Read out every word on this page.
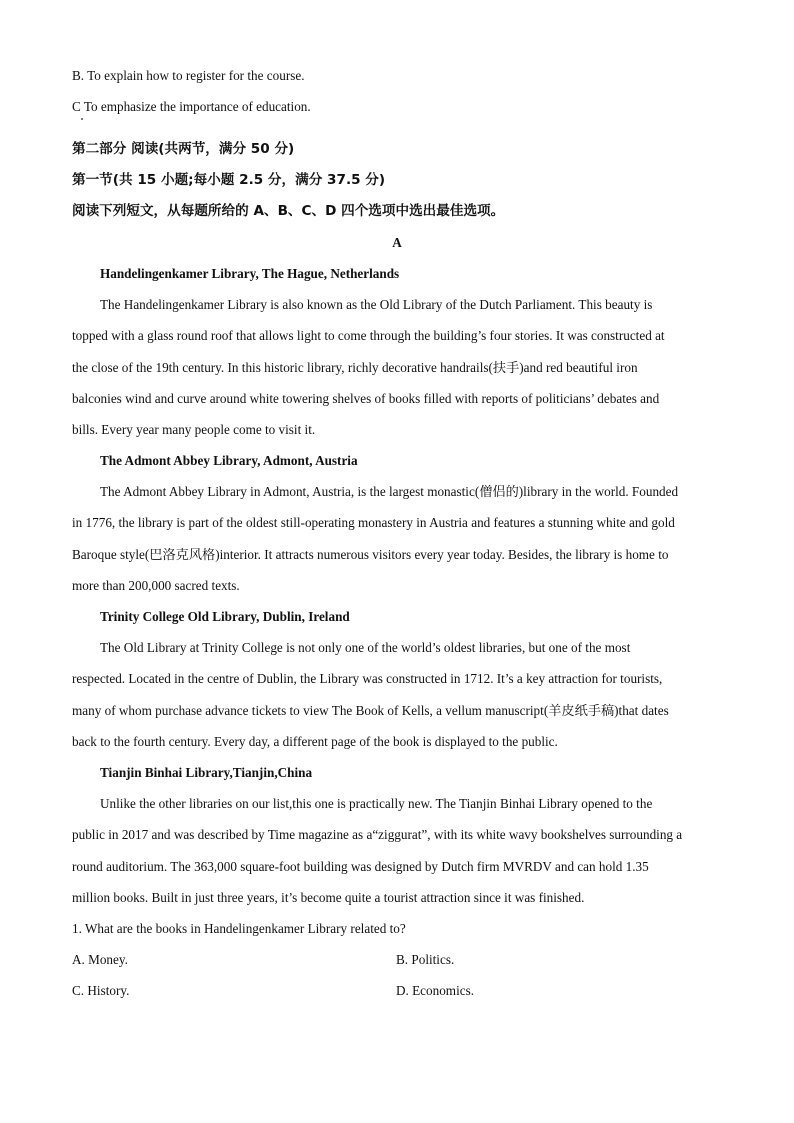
B. To explain how to register for the course.
C To emphasize the importance of education.
第二部分 阅读(共两节，满分 50 分)
第一节(共 15 小题;每小题 2.5 分，满分 37.5 分)
阅读下列短文，从每题所给的 A、B、C、D 四个选项中选出最佳选项。
A
Handelingenkamer Library, The Hague, Netherlands
The Handelingenkamer Library is also known as the Old Library of the Dutch Parliament. This beauty is
topped with a glass round roof that allows light to come through the building’s four stories. It was constructed at
the close of the 19th century. In this historic library, richly decorative handrails(扶手)and red beautiful iron
balconies wind and curve around white towering shelves of books filled with reports of politicians’ debates and
bills. Every year many people come to visit it.
The Admont Abbey Library, Admont, Austria
The Admont Abbey Library in Admont, Austria, is the largest monastic(僧侣的)library in the world. Founded
in 1776, the library is part of the oldest still-operating monastery in Austria and features a stunning white and gold
Baroque style(巴洛克风格)interior. It attracts numerous visitors every year today. Besides, the library is home to
more than 200,000 sacred texts.
Trinity College Old Library, Dublin, Ireland
The Old Library at Trinity College is not only one of the world’s oldest libraries, but one of the most
respected. Located in the centre of Dublin, the Library was constructed in 1712. It’s a key attraction for tourists,
many of whom purchase advance tickets to view The Book of Kells, a vellum manuscript(羊皮纸手稿)that dates
back to the fourth century. Every day, a different page of the book is displayed to the public.
Tianjin Binhai Library,Tianjin,China
Unlike the other libraries on our list,this one is practically new. The Tianjin Binhai Library opened to the
public in 2017 and was described by Time magazine as a“ziggurat”, with its white wavy bookshelves surrounding a
round auditorium. The 363,000 square-foot building was designed by Dutch firm MVRDV and can hold 1.35
million books. Built in just three years, it’s become quite a tourist attraction since it was finished.
1. What are the books in Handelingenkamer Library related to?
A. Money.	B. Politics.
C. History.	D. Economics.
